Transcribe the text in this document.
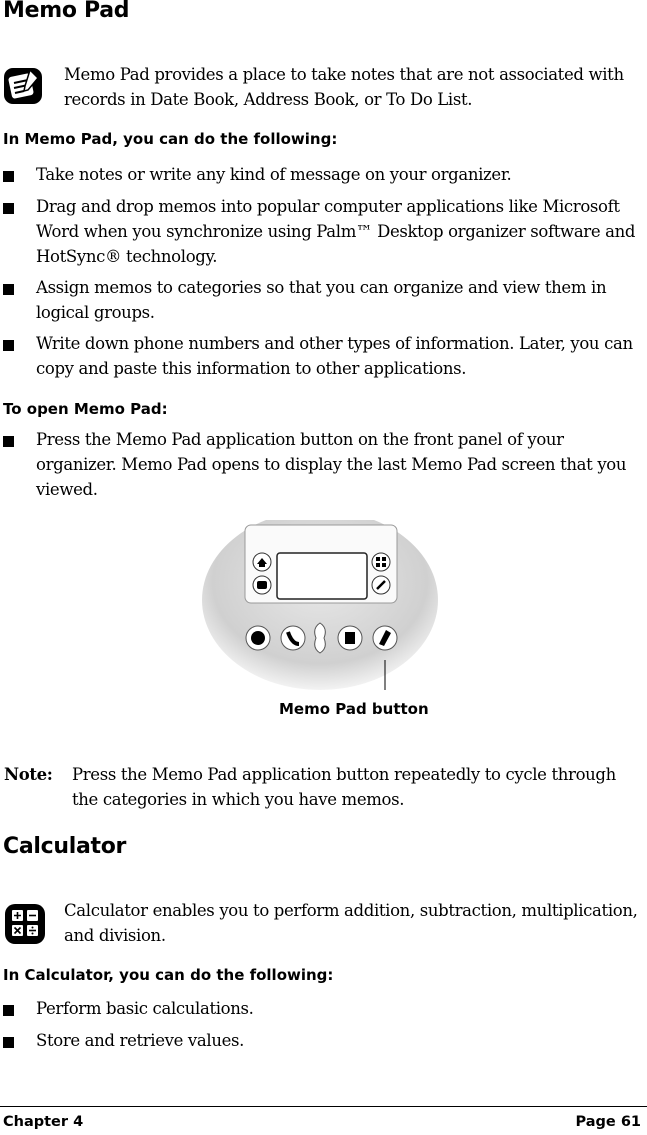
Memo Pad
Memo Pad provides a place to take notes that are not associated with records in Date Book, Address Book, or To Do List.
In Memo Pad, you can do the following:
Take notes or write any kind of message on your organizer.
Drag and drop memos into popular computer applications like Microsoft Word when you synchronize using Palm™ Desktop organizer software and HotSync® technology.
Assign memos to categories so that you can organize and view them in logical groups.
Write down phone numbers and other types of information. Later, you can copy and paste this information to other applications.
To open Memo Pad:
Press the Memo Pad application button on the front panel of your organizer. Memo Pad opens to display the last Memo Pad screen that you viewed.
Memo Pad button
Note:	Press the Memo Pad application button repeatedly to cycle through the categories in which you have memos.
Calculator
Calculator enables you to perform addition, subtraction, multiplication, and division.
In Calculator, you can do the following:
Perform basic calculations.
Store and retrieve values.
Chapter 4	Page 61
